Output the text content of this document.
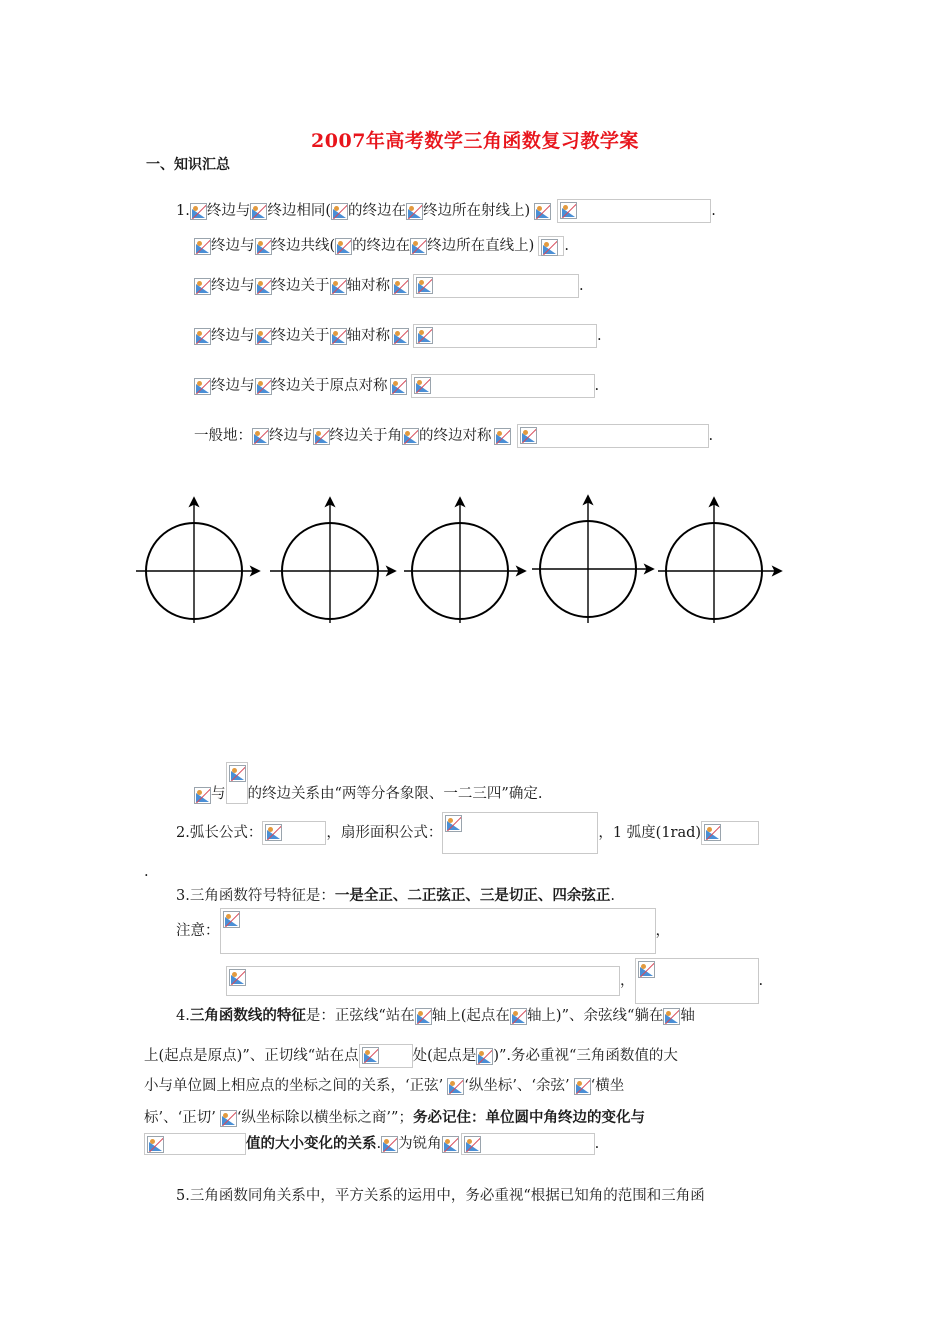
2007年高考数学三角函数复习教学案
一、知识汇总
1. 终边与 终边相同( 的终边在 终边所在射线上)	.
终边与 终边共线( 的终边在 终边所在直线上) .
终边与 终边关于 轴对称	.
终边与 终边关于 轴对称	.
终边与 终边关于原点对称	.
一般地： 终边与 终边关于角 的终边对称	.
与 的终边关系由“两等分各象限、一二三四”确定.
2.弧长公式：	，扇形面积公式：	，1 弧度(1rad)
.
3.三角函数符号特征是： 一是全正、二正弦正、三是切正、四余弦正 .
注意：	，
，	.
4. 三角函数线的特征 是：正弦线“站在 轴上(起点在 轴上)”、余弦线“躺在 轴
上(起点是原点)”、正切线“站在点	处(起点是 )”.务必重视“三角函数值的大
小与单位圆上相应点的坐标之间的关系，‘正弦’ ‘纵坐标’、‘余弦’ ‘横坐
标’、‘正切’ ‘纵坐标除以横坐标之商’”； 务必记住：单位圆中角终边的变化与
值的大小变化的关系 . 为锐角	.
5.三角函数同角关系中，平方关系的运用中，务必重视“根据已知角的范围和三角函
